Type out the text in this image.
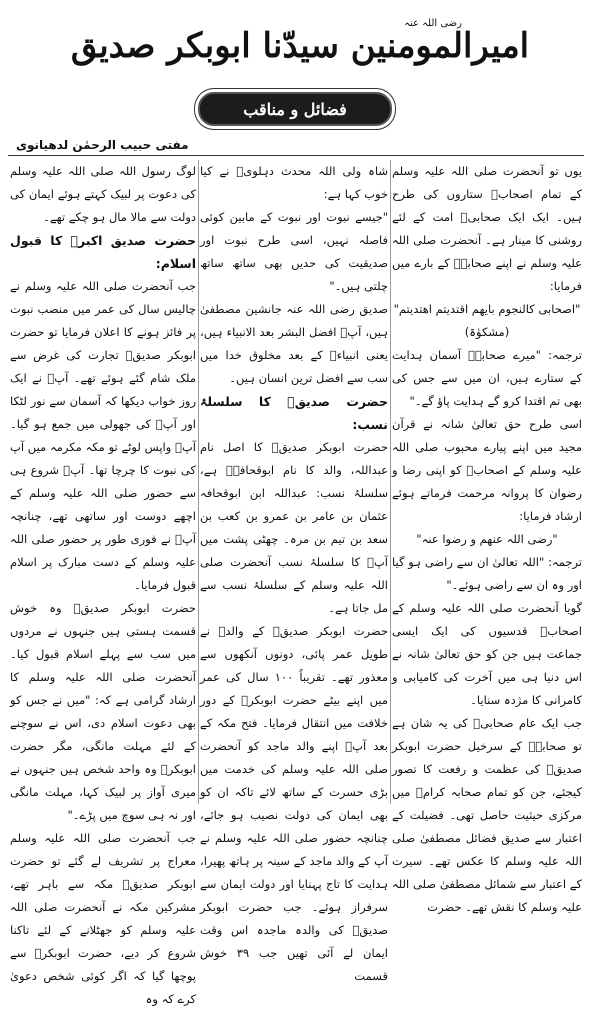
امیرالمومنین سیدّنا ابوبکر صدیق
رضی اللہ عنہ
فضائل و مناقب
مفتی حبیب الرحمٰن لدھیانوی

یوں تو آنحضرت صلی اللہ علیہ وسلم کے تمام اصحابؓ ستاروں کی طرح ہیں۔ ایک ایک صحابیؓ امت کے لئے روشنی کا مینار ہے۔ آنحضرت صلی اللہ علیہ وسلم نے اپنے صحابہؓ کے بارے میں فرمایا:

"اصحابی کالنجوم بایھم اقتدیتم اھتدیتم" (مشکوٰۃ)

ترجمہ: "میرے صحابہؓ آسمان ہدایت کے ستارے ہیں، ان میں سے جس کی بھی تم اقتدا کرو گے ہدایت پاؤ گے۔"

اسی طرح حق تعالیٰ شانہ نے قرآن مجید میں اپنے پیارے محبوب صلی اللہ علیہ وسلم کے اصحابؓ کو اپنی رضا و رضوان کا پروانہ مرحمت فرماتے ہوئے ارشاد فرمایا:

"رضی اللہ عنھم و رضوا عنہ"

ترجمہ: "اللہ تعالیٰ ان سے راضی ہو گیا اور وہ ان سے راضی ہوئے۔"

گویا آنحضرت صلی اللہ علیہ وسلم کے اصحابؓ قدسیوں کی ایک ایسی جماعت ہیں جن کو حق تعالیٰ شانہ نے اس دنیا ہی میں آخرت کی کامیابی و کامرانی کا مژدہ سنایا۔

جب ایک عام صحابیؓ کی یہ شان ہے تو صحابہؓ کے سرخیل حضرت ابوبکر صدیقؓ کی عظمت و رفعت کا تصور کیجئے، جن کو تمام صحابہ کرامؓ میں مرکزی حیثیت حاصل تھی۔ فضیلت کے اعتبار سے صدیق فضائل مصطفیٰ صلی اللہ علیہ وسلم کا عکس تھے۔ سیرت کے اعتبار سے شمائل مصطفیٰ صلی اللہ علیہ وسلم کا نقش تھے۔ حضرت

شاہ ولی اللہ محدث دہلویؒ نے کیا خوب کہا ہے:

"جیسے نبوت اور نبوت کے مابین کوئی فاصلہ نہیں، اسی طرح نبوت اور صدیقیت کی حدیں بھی ساتھ ساتھ چلتی ہیں۔"

صدیق رضی اللہ عنہ جانشین مصطفیٰ ہیں، آپؓ افضل البشر بعد الانبیاء ہیں، یعنی انبیاءؑ کے بعد مخلوق خدا میں سب سے افضل ترین انسان ہیں۔

حضرت صدیقؓ کا سلسلۂ نسب:

حضرت ابوبکر صدیقؓ کا اصل نام عبداللہ، والد کا نام ابوقحافہؓ ہے، سلسلۂ نسب: عبداللہ ابن ابوقحافہ عثمان بن عامر بن عمرو بن کعب بن سعد بن تیم بن مرہ۔ چھٹی پشت میں آپؓ کا سلسلۂ نسب آنحضرت صلی اللہ علیہ وسلم کے سلسلۂ نسب سے مل جاتا ہے۔

حضرت ابوبکر صدیقؓ کے والدؓ نے طویل عمر پائی، دونوں آنکھوں سے معذور تھے۔ تقریباً ۱۰۰ سال کی عمر میں اپنے بیٹے حضرت ابوبکرؓ کے دور خلافت میں انتقال فرمایا۔ فتح مکہ کے بعد آپؓ اپنے والد ماجد کو آنحضرت صلی اللہ علیہ وسلم کی خدمت میں بڑی حسرت کے ساتھ لائے تاکہ ان کو بھی ایمان کی دولت نصیب ہو جائے، چنانچہ حضور صلی اللہ علیہ وسلم نے آپ کے والد ماجد کے سینہ پر ہاتھ پھیرا، ہدایت کا تاج پہنایا اور دولت ایمان سے سرفراز ہوئے۔ جب حضرت ابوبکر صدیقؓ کی والدہ ماجدہ اس وقت ایمان لے آئی تھیں جب ۳۹ خوش قسمت

لوگ رسول اللہ صلی اللہ علیہ وسلم کی دعوت پر لبیک کہتے ہوئے ایمان کی دولت سے مالا مال ہو چکے تھے۔

حضرت صدیق اکبرؓ کا قبول اسلام:

جب آنحضرت صلی اللہ علیہ وسلم نے چالیس سال کی عمر میں منصب نبوت پر فائز ہونے کا اعلان فرمایا تو حضرت ابوبکر صدیقؓ تجارت کی غرض سے ملک شام گئے ہوئے تھے۔ آپؓ نے ایک روز خواب دیکھا کہ آسمان سے نور لٹکا اور آپؓ کی جھولی میں جمع ہو گیا۔ آپؓ واپس لوٹے تو مکہ مکرمہ میں آپ کی نبوت کا چرچا تھا۔ آپؓ شروع ہی سے حضور صلی اللہ علیہ وسلم کے اچھے دوست اور ساتھی تھے، چنانچہ آپؓ نے فوری طور پر حضور صلی اللہ علیہ وسلم کے دست مبارک پر اسلام قبول فرمایا۔

حضرت ابوبکر صدیقؓ وہ خوش قسمت ہستی ہیں جنہوں نے مردوں میں سب سے پہلے اسلام قبول کیا۔ آنحضرت صلی اللہ علیہ وسلم کا ارشاد گرامی ہے کہ: "میں نے جس کو بھی دعوت اسلام دی، اس نے سوچنے کے لئے مہلت مانگی، مگر حضرت ابوبکرؓ وہ واحد شخص ہیں جنہوں نے میری آواز پر لبیک کہا، مہلت مانگی اور نہ ہی سوچ میں پڑے۔"

جب آنحضرت صلی اللہ علیہ وسلم معراج پر تشریف لے گئے تو حضرت ابوبکر صدیقؓ مکہ سے باہر تھے، مشرکین مکہ نے آنحضرت صلی اللہ علیہ وسلم کو جھٹلانے کے لئے تاکنا شروع کر دیے، حضرت ابوبکرؓ سے پوچھا گیا کہ اگر کوئی شخص دعویٰ کرے کہ وہ
